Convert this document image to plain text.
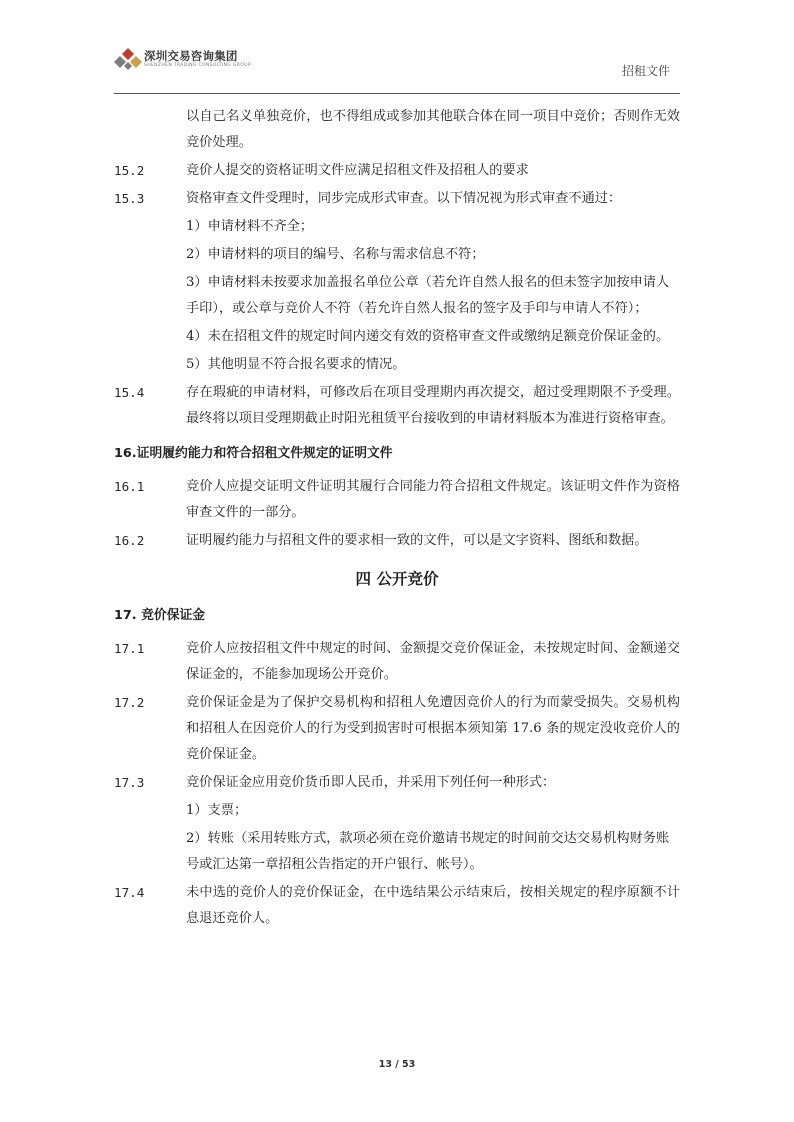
深圳交易咨询集团
SHENZHEN TRADING CONSULTING GROUP	招租文件
以自己名义单独竞价，也不得组成或参加其他联合体在同一项目中竞价；否则作无效竞价处理。
15.2	竞价人提交的资格证明文件应满足招租文件及招租人的要求
15.3	资格审查文件受理时，同步完成形式审查。以下情况视为形式审查不通过：
1）申请材料不齐全；
2）申请材料的项目的编号、名称与需求信息不符；
3）申请材料未按要求加盖报名单位公章（若允许自然人报名的但未签字加按申请人手印），或公章与竞价人不符（若允许自然人报名的签字及手印与申请人不符）；
4）未在招租文件的规定时间内递交有效的资格审查文件或缴纳足额竞价保证金的。
5）其他明显不符合报名要求的情况。
15.4	存在瑕疵的申请材料，可修改后在项目受理期内再次提交，超过受理期限不予受理。最终将以项目受理期截止时阳光租赁平台接收到的申请材料版本为准进行资格审查。
16.证明履约能力和符合招租文件规定的证明文件
16.1	竞价人应提交证明文件证明其履行合同能力符合招租文件规定。该证明文件作为资格审查文件的一部分。
16.2	证明履约能力与招租文件的要求相一致的文件，可以是文字资料、图纸和数据。
四 公开竞价
17. 竞价保证金
17.1	竞价人应按招租文件中规定的时间、金额提交竞价保证金，未按规定时间、金额递交保证金的，不能参加现场公开竞价。
17.2	竞价保证金是为了保护交易机构和招租人免遭因竞价人的行为而蒙受损失。交易机构和招租人在因竞价人的行为受到损害时可根据本须知第 17.6 条的规定没收竞价人的竞价保证金。
17.3	竞价保证金应用竞价货币即人民币，并采用下列任何一种形式：
1）支票；
2）转账（采用转账方式，款项必须在竞价邀请书规定的时间前交达交易机构财务账号或汇达第一章招租公告指定的开户银行、帐号）。
17.4	未中选的竞价人的竞价保证金，在中选结果公示结束后，按相关规定的程序原额不计息退还竞价人。
13 / 53
